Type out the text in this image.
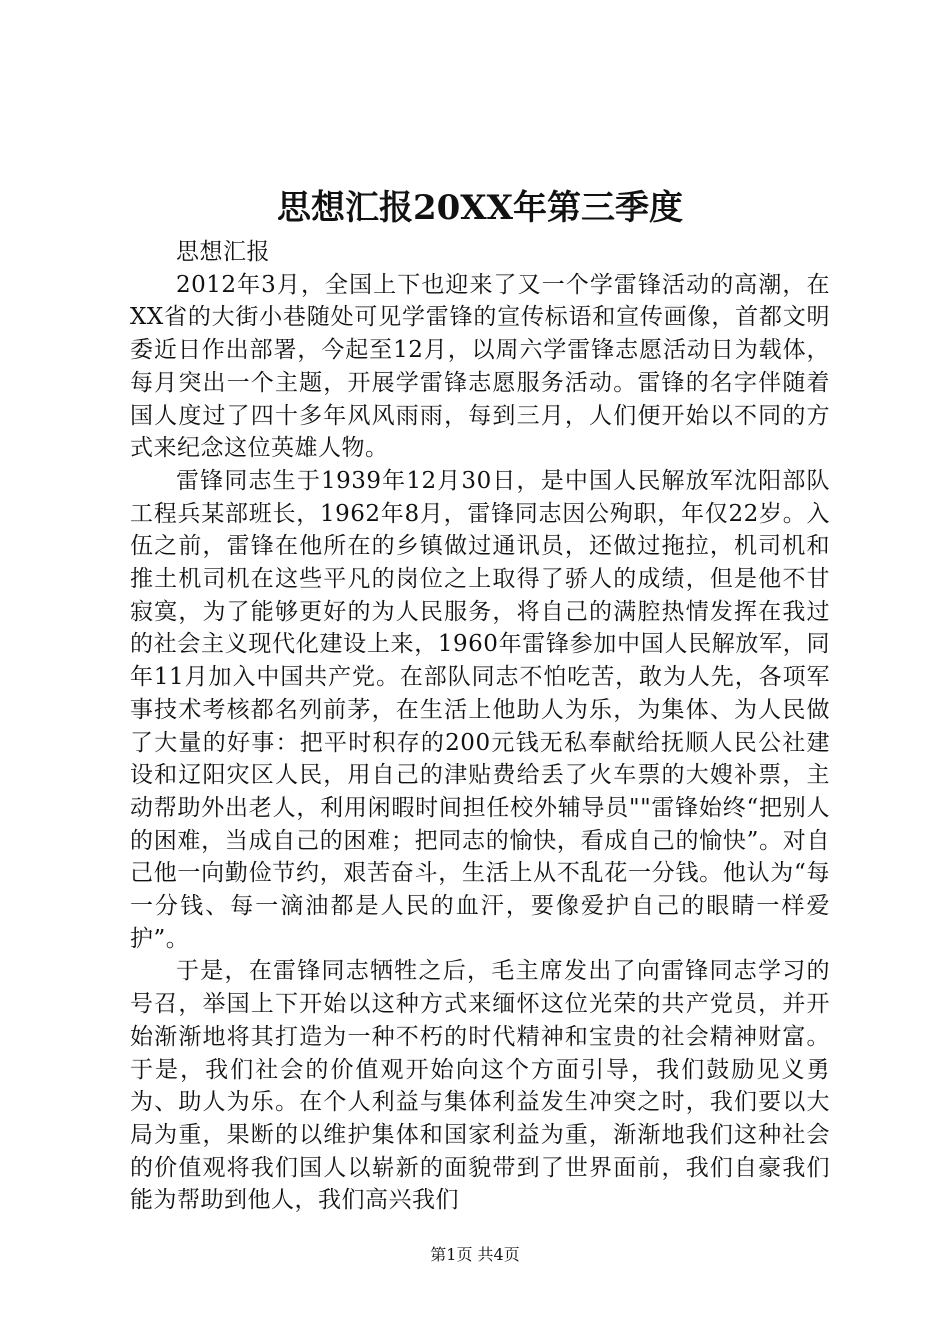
思想汇报20XX年第三季度

思想汇报

2012年3月，全国上下也迎来了又一个学雷锋活动的高潮，在XX省的大街小巷随处可见学雷锋的宣传标语和宣传画像，首都文明委近日作出部署，今起至12月，以周六学雷锋志愿活动日为载体，每月突出一个主题，开展学雷锋志愿服务活动。雷锋的名字伴随着国人度过了四十多年风风雨雨，每到三月，人们便开始以不同的方式来纪念这位英雄人物。

雷锋同志生于1939年12月30日，是中国人民解放军沈阳部队工程兵某部班长，1962年8月，雷锋同志因公殉职，年仅22岁。入伍之前，雷锋在他所在的乡镇做过通讯员，还做过拖拉，机司机和推土机司机在这些平凡的岗位之上取得了骄人的成绩，但是他不甘寂寞，为了能够更好的为人民服务，将自己的满腔热情发挥在我过的社会主义现代化建设上来，1960年雷锋参加中国人民解放军，同年11月加入中国共产党。在部队同志不怕吃苦，敢为人先，各项军事技术考核都名列前茅，在生活上他助人为乐，为集体、为人民做了大量的好事：把平时积存的200元钱无私奉献给抚顺人民公社建设和辽阳灾区人民，用自己的津贴费给丢了火车票的大嫂补票，主动帮助外出老人，利用闲暇时间担任校外辅导员""雷锋始终“把别人的困难，当成自己的困难；把同志的愉快，看成自己的愉快”。对自己他一向勤俭节约，艰苦奋斗，生活上从不乱花一分钱。他认为“每一分钱、每一滴油都是人民的血汗，要像爱护自己的眼睛一样爱护”。

于是，在雷锋同志牺牲之后，毛主席发出了向雷锋同志学习的号召，举国上下开始以这种方式来缅怀这位光荣的共产党员，并开始渐渐地将其打造为一种不朽的时代精神和宝贵的社会精神财富。于是，我们社会的价值观开始向这个方面引导，我们鼓励见义勇为、助人为乐。在个人利益与集体利益发生冲突之时，我们要以大局为重，果断的以维护集体和国家利益为重，渐渐地我们这种社会的价值观将我们国人以崭新的面貌带到了世界面前，我们自豪我们能为帮助到他人，我们高兴我们

第1页 共4页
